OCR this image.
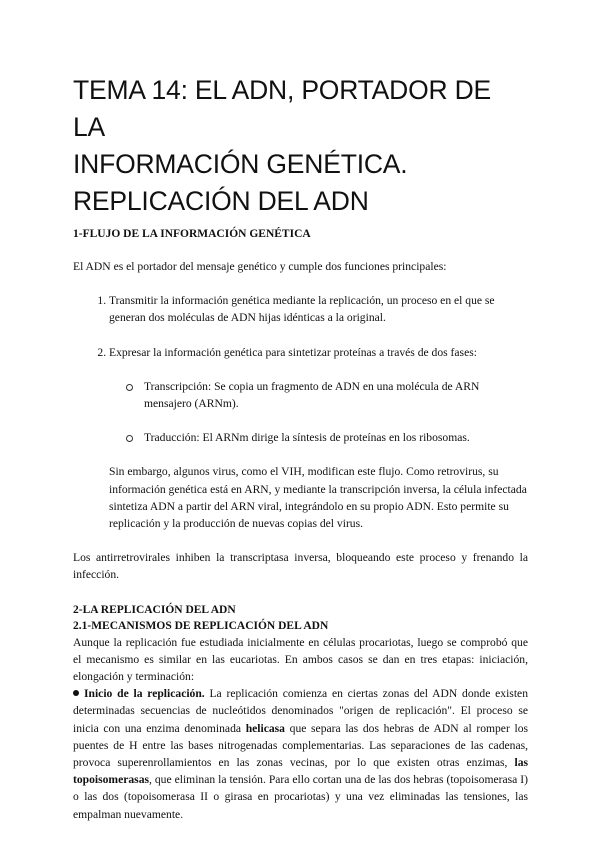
TEMA 14: EL ADN, PORTADOR DE LA
INFORMACIÓN GENÉTICA.
REPLICACIÓN DEL ADN
1-FLUJO DE LA INFORMACIÓN GENÉTICA

El ADN es el portador del mensaje genético y cumple dos funciones principales:

1. Transmitir la información genética mediante la replicación, un proceso en el que se generan dos moléculas de ADN hijas idénticas a la original.
2. Expresar la información genética para sintetizar proteínas a través de dos fases:
Transcripción: Se copia un fragmento de ADN en una molécula de ARN mensajero (ARNm).
Traducción: El ARNm dirige la síntesis de proteínas en los ribosomas.

Sin embargo, algunos virus, como el VIH, modifican este flujo. Como retrovirus, su información genética está en ARN, y mediante la transcripción inversa, la célula infectada sintetiza ADN a partir del ARN viral, integrándolo en su propio ADN. Esto permite su replicación y la producción de nuevas copias del virus.

Los antirretrovirales inhiben la transcriptasa inversa, bloqueando este proceso y frenando la infección.

2-LA REPLICACIÓN DEL ADN
2.1-MECANISMOS DE REPLICACIÓN DEL ADN

Aunque la replicación fue estudiada inicialmente en células procariotas, luego se comprobó que el mecanismo es similar en las eucariotas. En ambos casos se dan en tres etapas: iniciación, elongación y terminación:

Inicio de la replicación. La replicación comienza en ciertas zonas del ADN donde existen determinadas secuencias de nucleótidos denominados "origen de replicación". El proceso se inicia con una enzima denominada helicasa que separa las dos hebras de ADN al romper los puentes de H entre las bases nitrogenadas complementarias. Las separaciones de las cadenas, provoca superenrollamientos en las zonas vecinas, por lo que existen otras enzimas, las topoisomerasas, que eliminan la tensión. Para ello cortan una de las dos hebras (topoisomerasa I) o las dos (topoisomerasa II o girasa en procariotas) y una vez eliminadas las tensiones, las empalman nuevamente.
